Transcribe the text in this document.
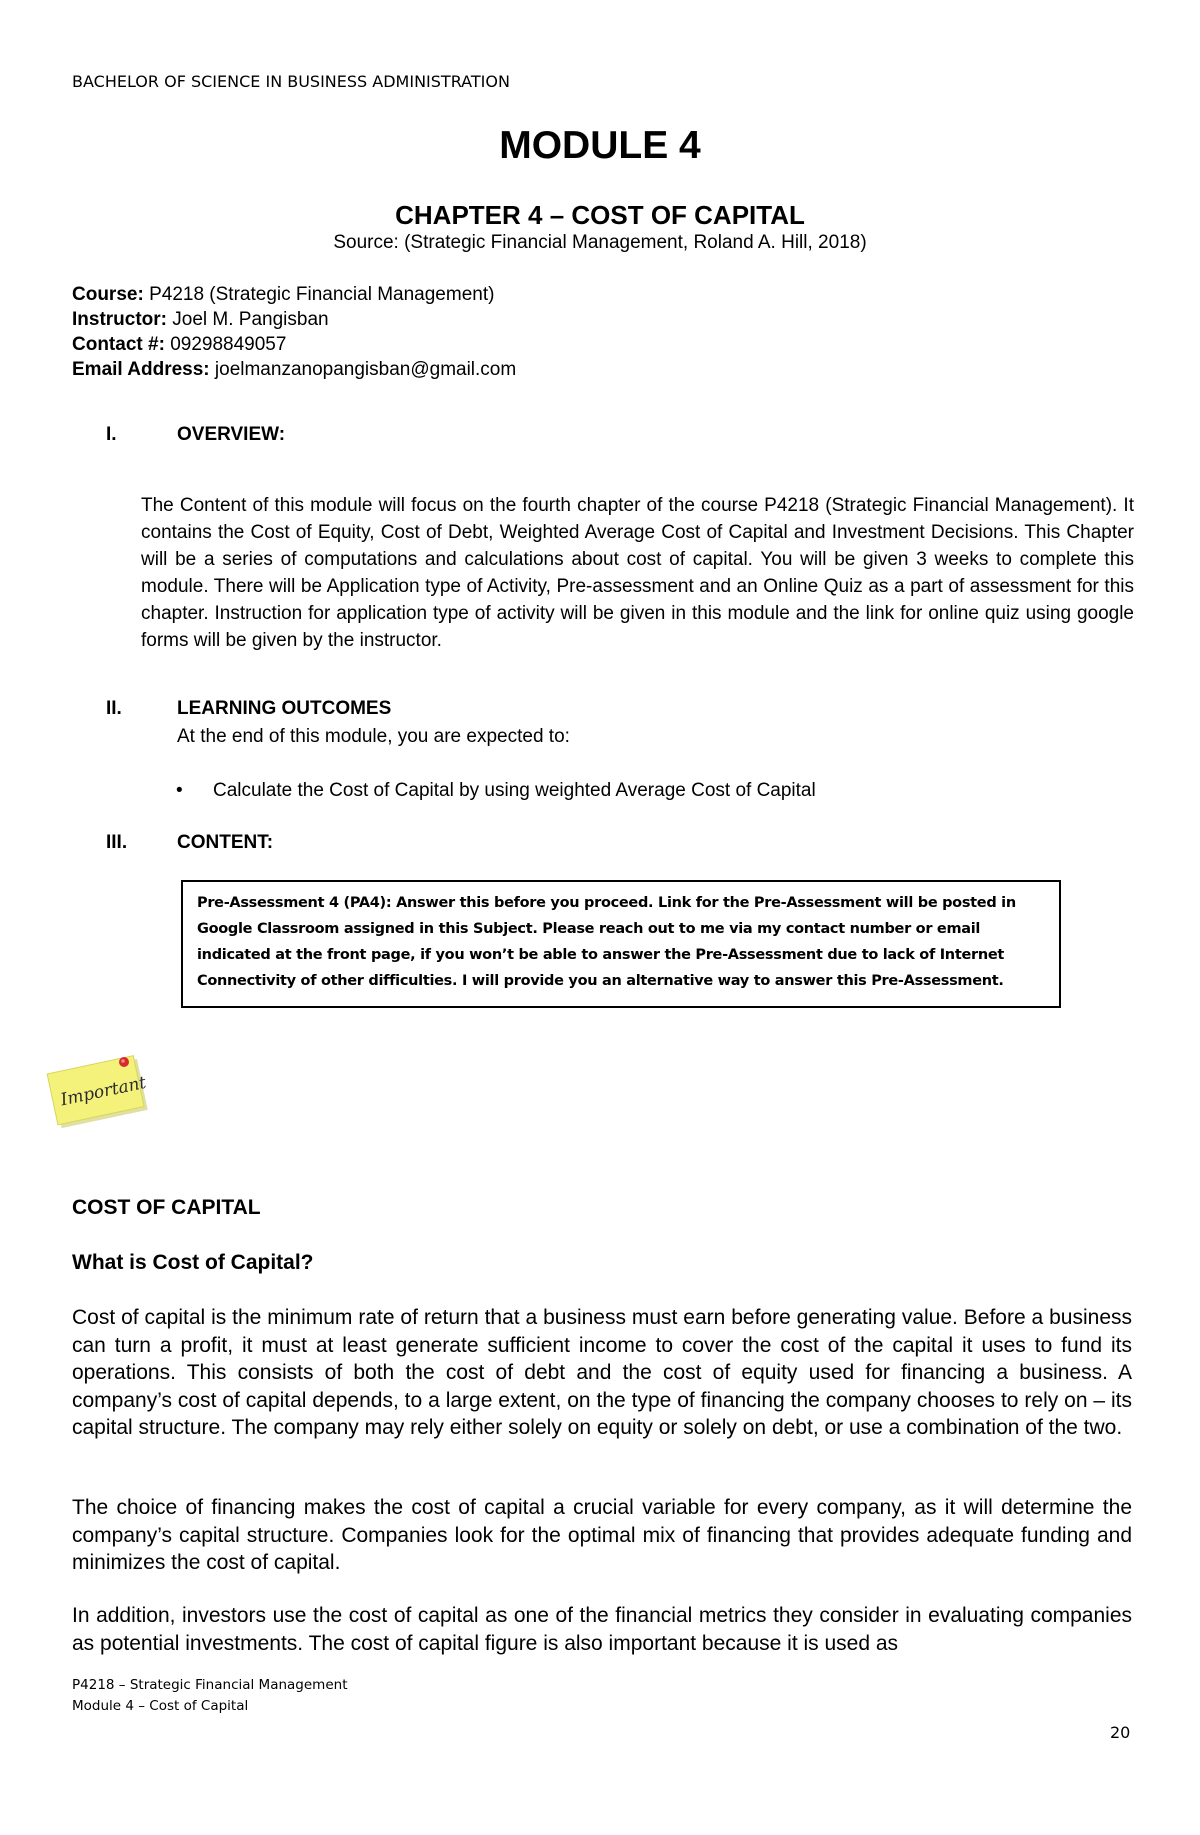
BACHELOR OF SCIENCE IN BUSINESS ADMINISTRATION
MODULE 4
CHAPTER 4 – COST OF CAPITAL
Source: (Strategic Financial Management, Roland A. Hill, 2018)
Course: P4218 (Strategic Financial Management)
Instructor: Joel M. Pangisban
Contact #: 09298849057
Email Address: joelmanzanopangisban@gmail.com
I.	OVERVIEW:
The Content of this module will focus on the fourth chapter of the course P4218 (Strategic Financial Management). It contains the Cost of Equity, Cost of Debt, Weighted Average Cost of Capital and Investment Decisions. This Chapter will be a series of computations and calculations about cost of capital. You will be given 3 weeks to complete this module. There will be Application type of Activity, Pre-assessment and an Online Quiz as a part of assessment for this chapter. Instruction for application type of activity will be given in this module and the link for online quiz using google forms will be given by the instructor.
II.	LEARNING OUTCOMES
At the end of this module, you are expected to:
• Calculate the Cost of Capital by using weighted Average Cost of Capital
III.	CONTENT:
Pre-Assessment 4 (PA4): Answer this before you proceed. Link for the Pre-Assessment will be posted in Google Classroom assigned in this Subject. Please reach out to me via my contact number or email indicated at the front page, if you won’t be able to answer the Pre-Assessment due to lack of Internet Connectivity of other difficulties. I will provide you an alternative way to answer this Pre-Assessment.
Important
COST OF CAPITAL
What is Cost of Capital?
Cost of capital is the minimum rate of return that a business must earn before generating value. Before a business can turn a profit, it must at least generate sufficient income to cover the cost of the capital it uses to fund its operations. This consists of both the cost of debt and the cost of equity used for financing a business. A company’s cost of capital depends, to a large extent, on the type of financing the company chooses to rely on – its capital structure. The company may rely either solely on equity or solely on debt, or use a combination of the two.
The choice of financing makes the cost of capital a crucial variable for every company, as it will determine the company’s capital structure. Companies look for the optimal mix of financing that provides adequate funding and minimizes the cost of capital.
In addition, investors use the cost of capital as one of the financial metrics they consider in evaluating companies as potential investments. The cost of capital figure is also important because it is used as
P4218 – Strategic Financial Management
Module 4 – Cost of Capital
20
